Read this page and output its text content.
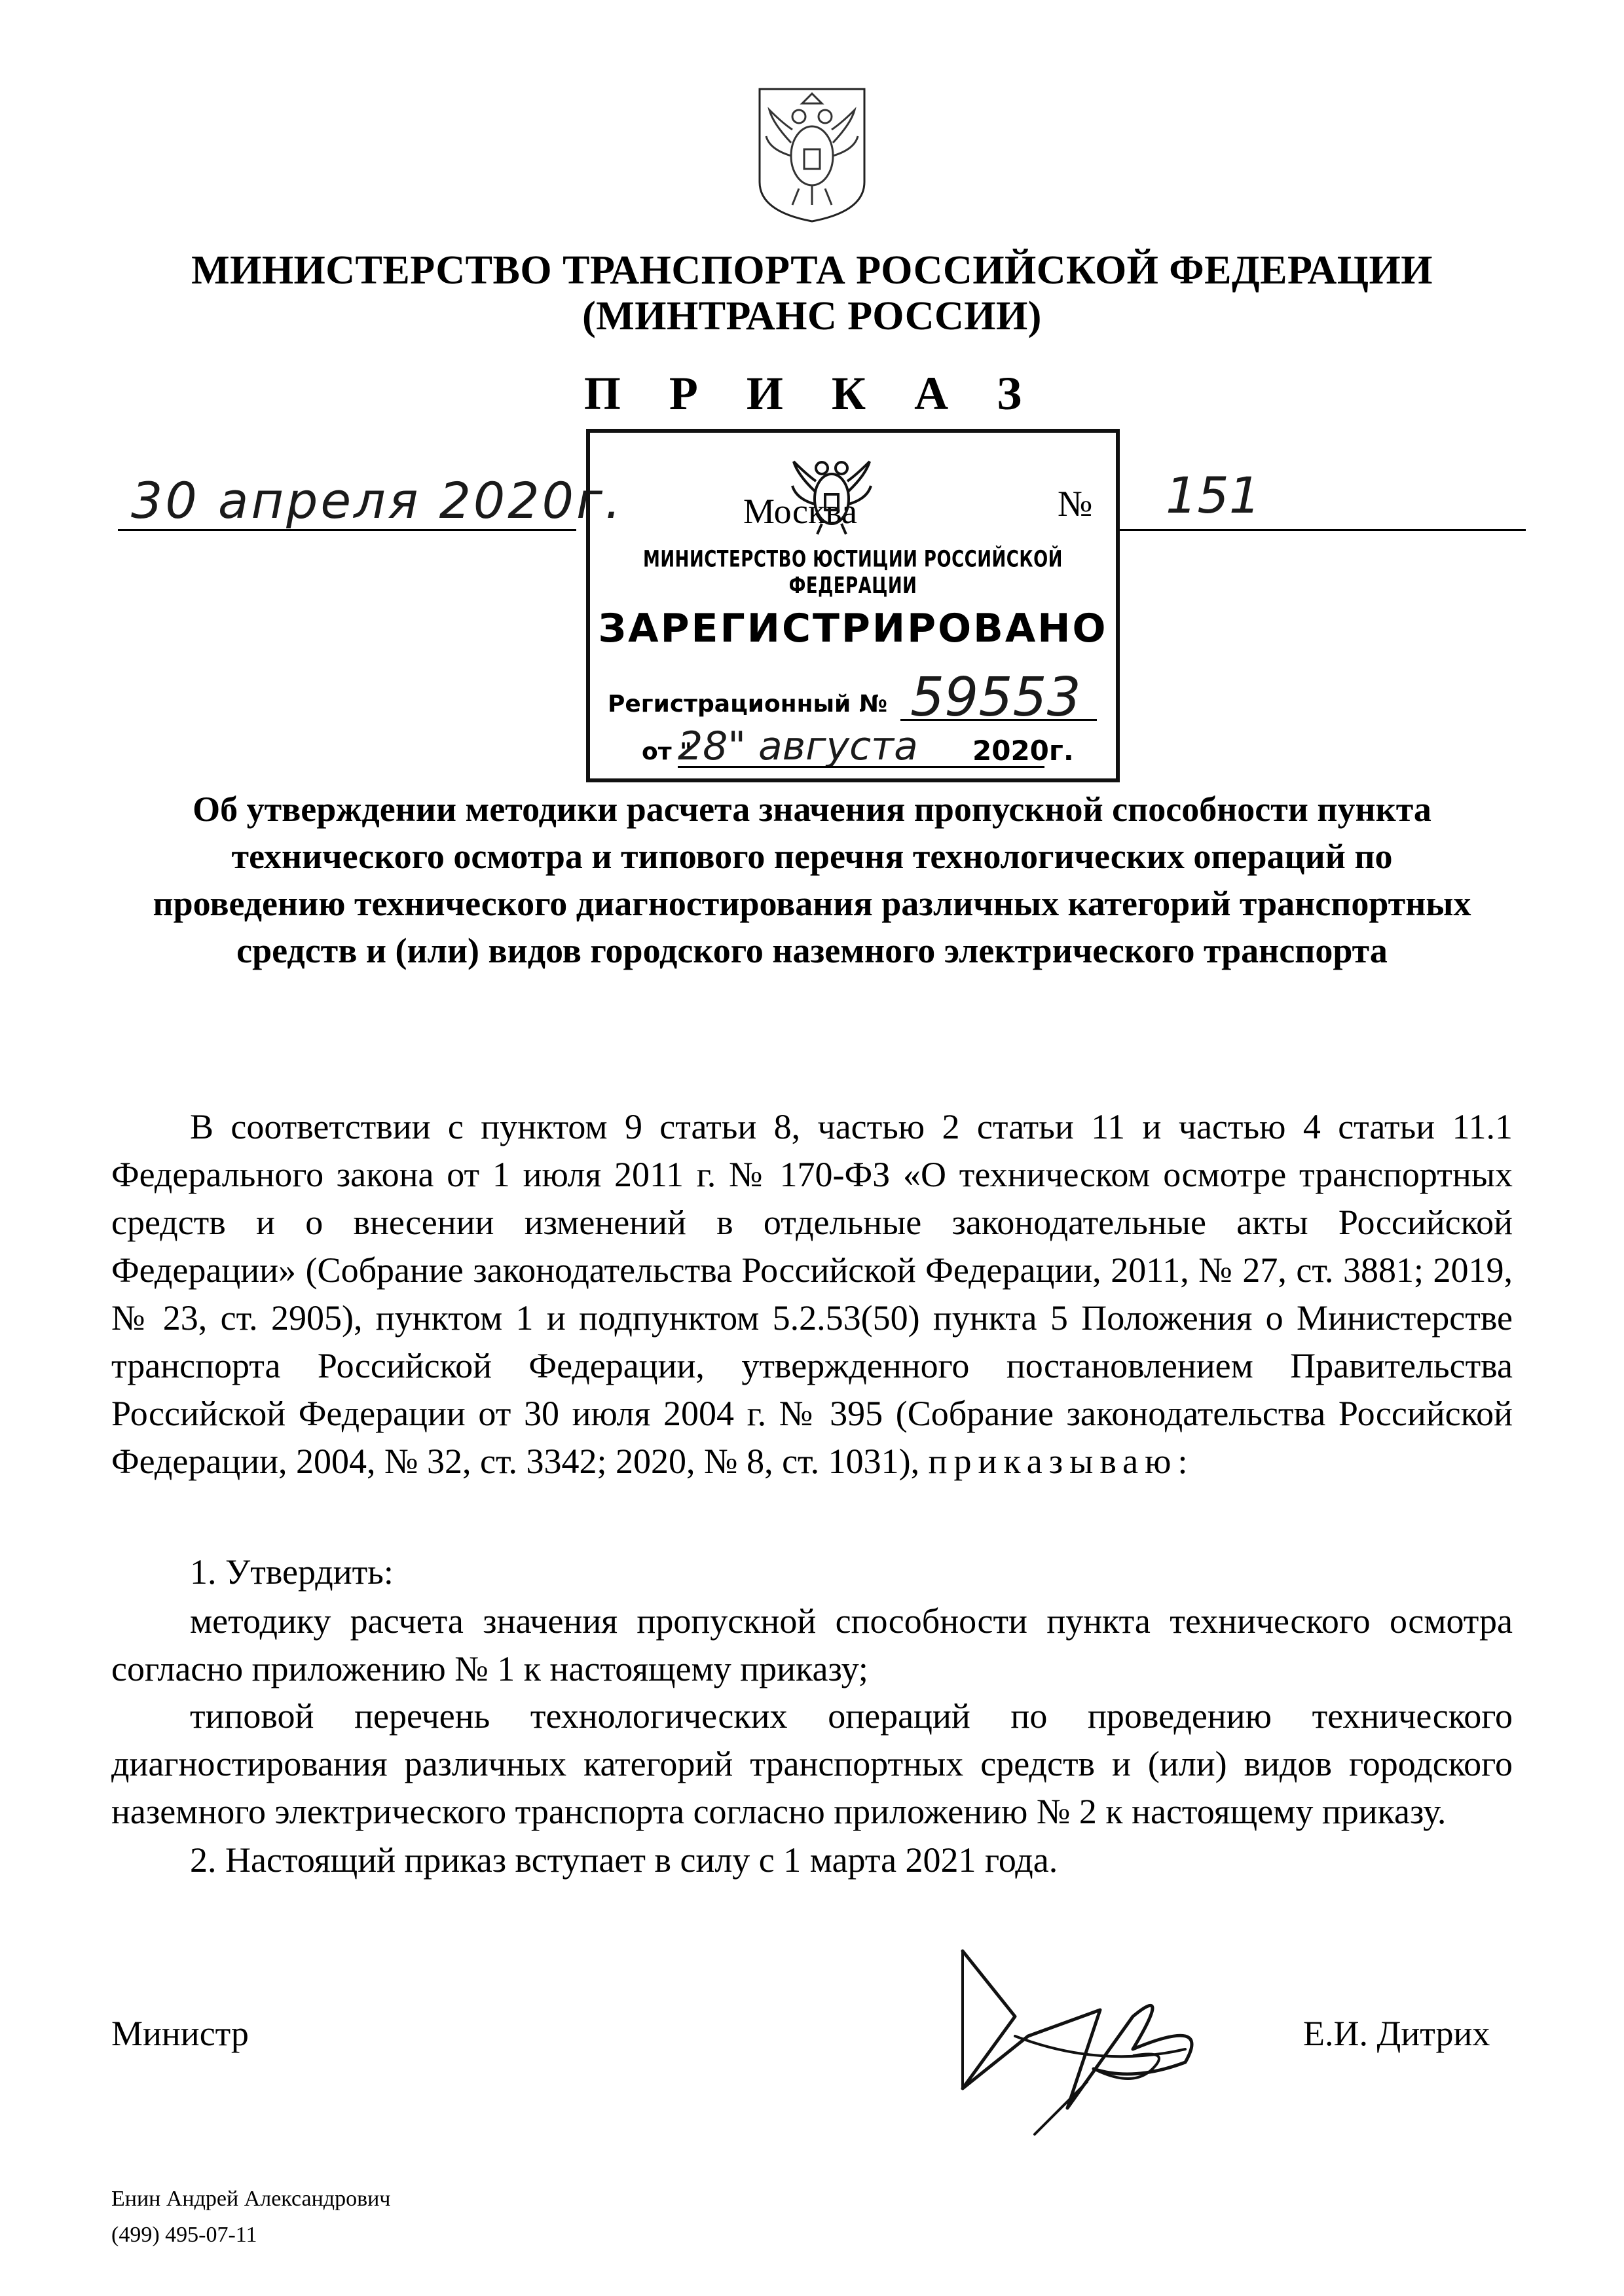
МИНИСТЕРСТВО ТРАНСПОРТА РОССИЙСКОЙ ФЕДЕРАЦИИ

(МИНТРАНС РОССИИ)

П Р И К А З

30 апреля 2020г.	Москва	№ 151
МИНИСТЕРСТВО ЮСТИЦИИ РОССИЙСКОЙ ФЕДЕРАЦИИ
ЗАРЕГИСТРИРОВАНО
Регистрационный № 59553
от "
28" августа 2020г.
Об утверждении методики расчета значения пропускной способности пункта технического осмотра и типового перечня технологических операций по проведению технического диагностирования различных категорий транспортных средств и (или) видов городского наземного электрического транспорта

В соответствии с пунктом 9 статьи 8, частью 2 статьи 11 и частью 4 статьи 11.1 Федерального закона от 1 июля 2011 г. № 170-ФЗ «О техническом осмотре транспортных средств и о внесении изменений в отдельные законодательные акты Российской Федерации» (Собрание законодательства Российской Федерации, 2011, № 27, ст. 3881; 2019, № 23, ст. 2905), пунктом 1 и подпунктом 5.2.53(50) пункта 5 Положения о Министерстве транспорта Российской Федерации, утвержденного постановлением Правительства Российской Федерации от 30 июля 2004 г. № 395 (Собрание законодательства Российской Федерации, 2004, № 32, ст. 3342; 2020, № 8, ст. 1031), приказываю:

1. Утвердить:

методику расчета значения пропускной способности пункта технического осмотра согласно приложению № 1 к настоящему приказу;

типовой перечень технологических операций по проведению технического диагностирования различных категорий транспортных средств и (или) видов городского наземного электрического транспорта согласно приложению № 2 к настоящему приказу.

2. Настоящий приказ вступает в силу с 1 марта 2021 года.

Министр	Е.И. Дитрих
Енин Андрей Александрович
(499) 495-07-11
